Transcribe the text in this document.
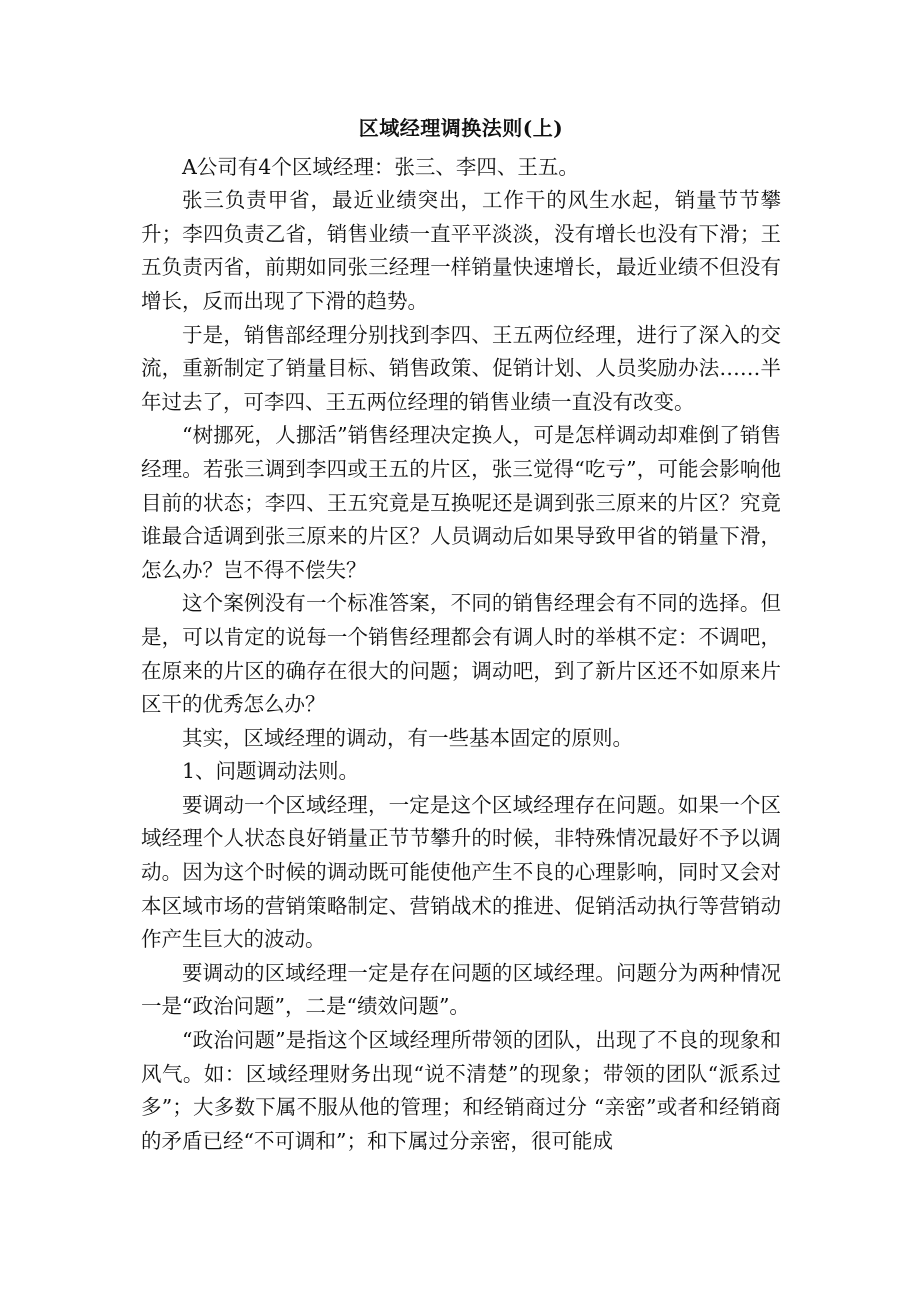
区域经理调换法则(上)

A公司有4个区域经理：张三、李四、王五。

张三负责甲省，最近业绩突出，工作干的风生水起，销量节节攀升；李四负责乙省，销售业绩一直平平淡淡，没有增长也没有下滑；王五负责丙省，前期如同张三经理一样销量快速增长，最近业绩不但没有增长，反而出现了下滑的趋势。

于是，销售部经理分别找到李四、王五两位经理，进行了深入的交流，重新制定了销量目标、销售政策、促销计划、人员奖励办法……半年过去了，可李四、王五两位经理的销售业绩一直没有改变。

“树挪死，人挪活”销售经理决定换人，可是怎样调动却难倒了销售经理。若张三调到李四或王五的片区，张三觉得“吃亏”，可能会影响他目前的状态；李四、王五究竟是互换呢还是调到张三原来的片区？究竟谁最合适调到张三原来的片区？人员调动后如果导致甲省的销量下滑，怎么办？岂不得不偿失？

这个案例没有一个标准答案，不同的销售经理会有不同的选择。但是，可以肯定的说每一个销售经理都会有调人时的举棋不定：不调吧，在原来的片区的确存在很大的问题；调动吧，到了新片区还不如原来片区干的优秀怎么办？

其实，区域经理的调动，有一些基本固定的原则。

1、问题调动法则。

要调动一个区域经理，一定是这个区域经理存在问题。如果一个区域经理个人状态良好销量正节节攀升的时候，非特殊情况最好不予以调动。因为这个时候的调动既可能使他产生不良的心理影响，同时又会对本区域市场的营销策略制定、营销战术的推进、促销活动执行等营销动作产生巨大的波动。

要调动的区域经理一定是存在问题的区域经理。问题分为两种情况一是“政治问题”，二是“绩效问题”。

“政治问题”是指这个区域经理所带领的团队，出现了不良的现象和风气。如：区域经理财务出现“说不清楚”的现象；带领的团队“派系过多”；大多数下属不服从他的管理；和经销商过分 “亲密”或者和经销商的矛盾已经“不可调和”；和下属过分亲密，很可能成
